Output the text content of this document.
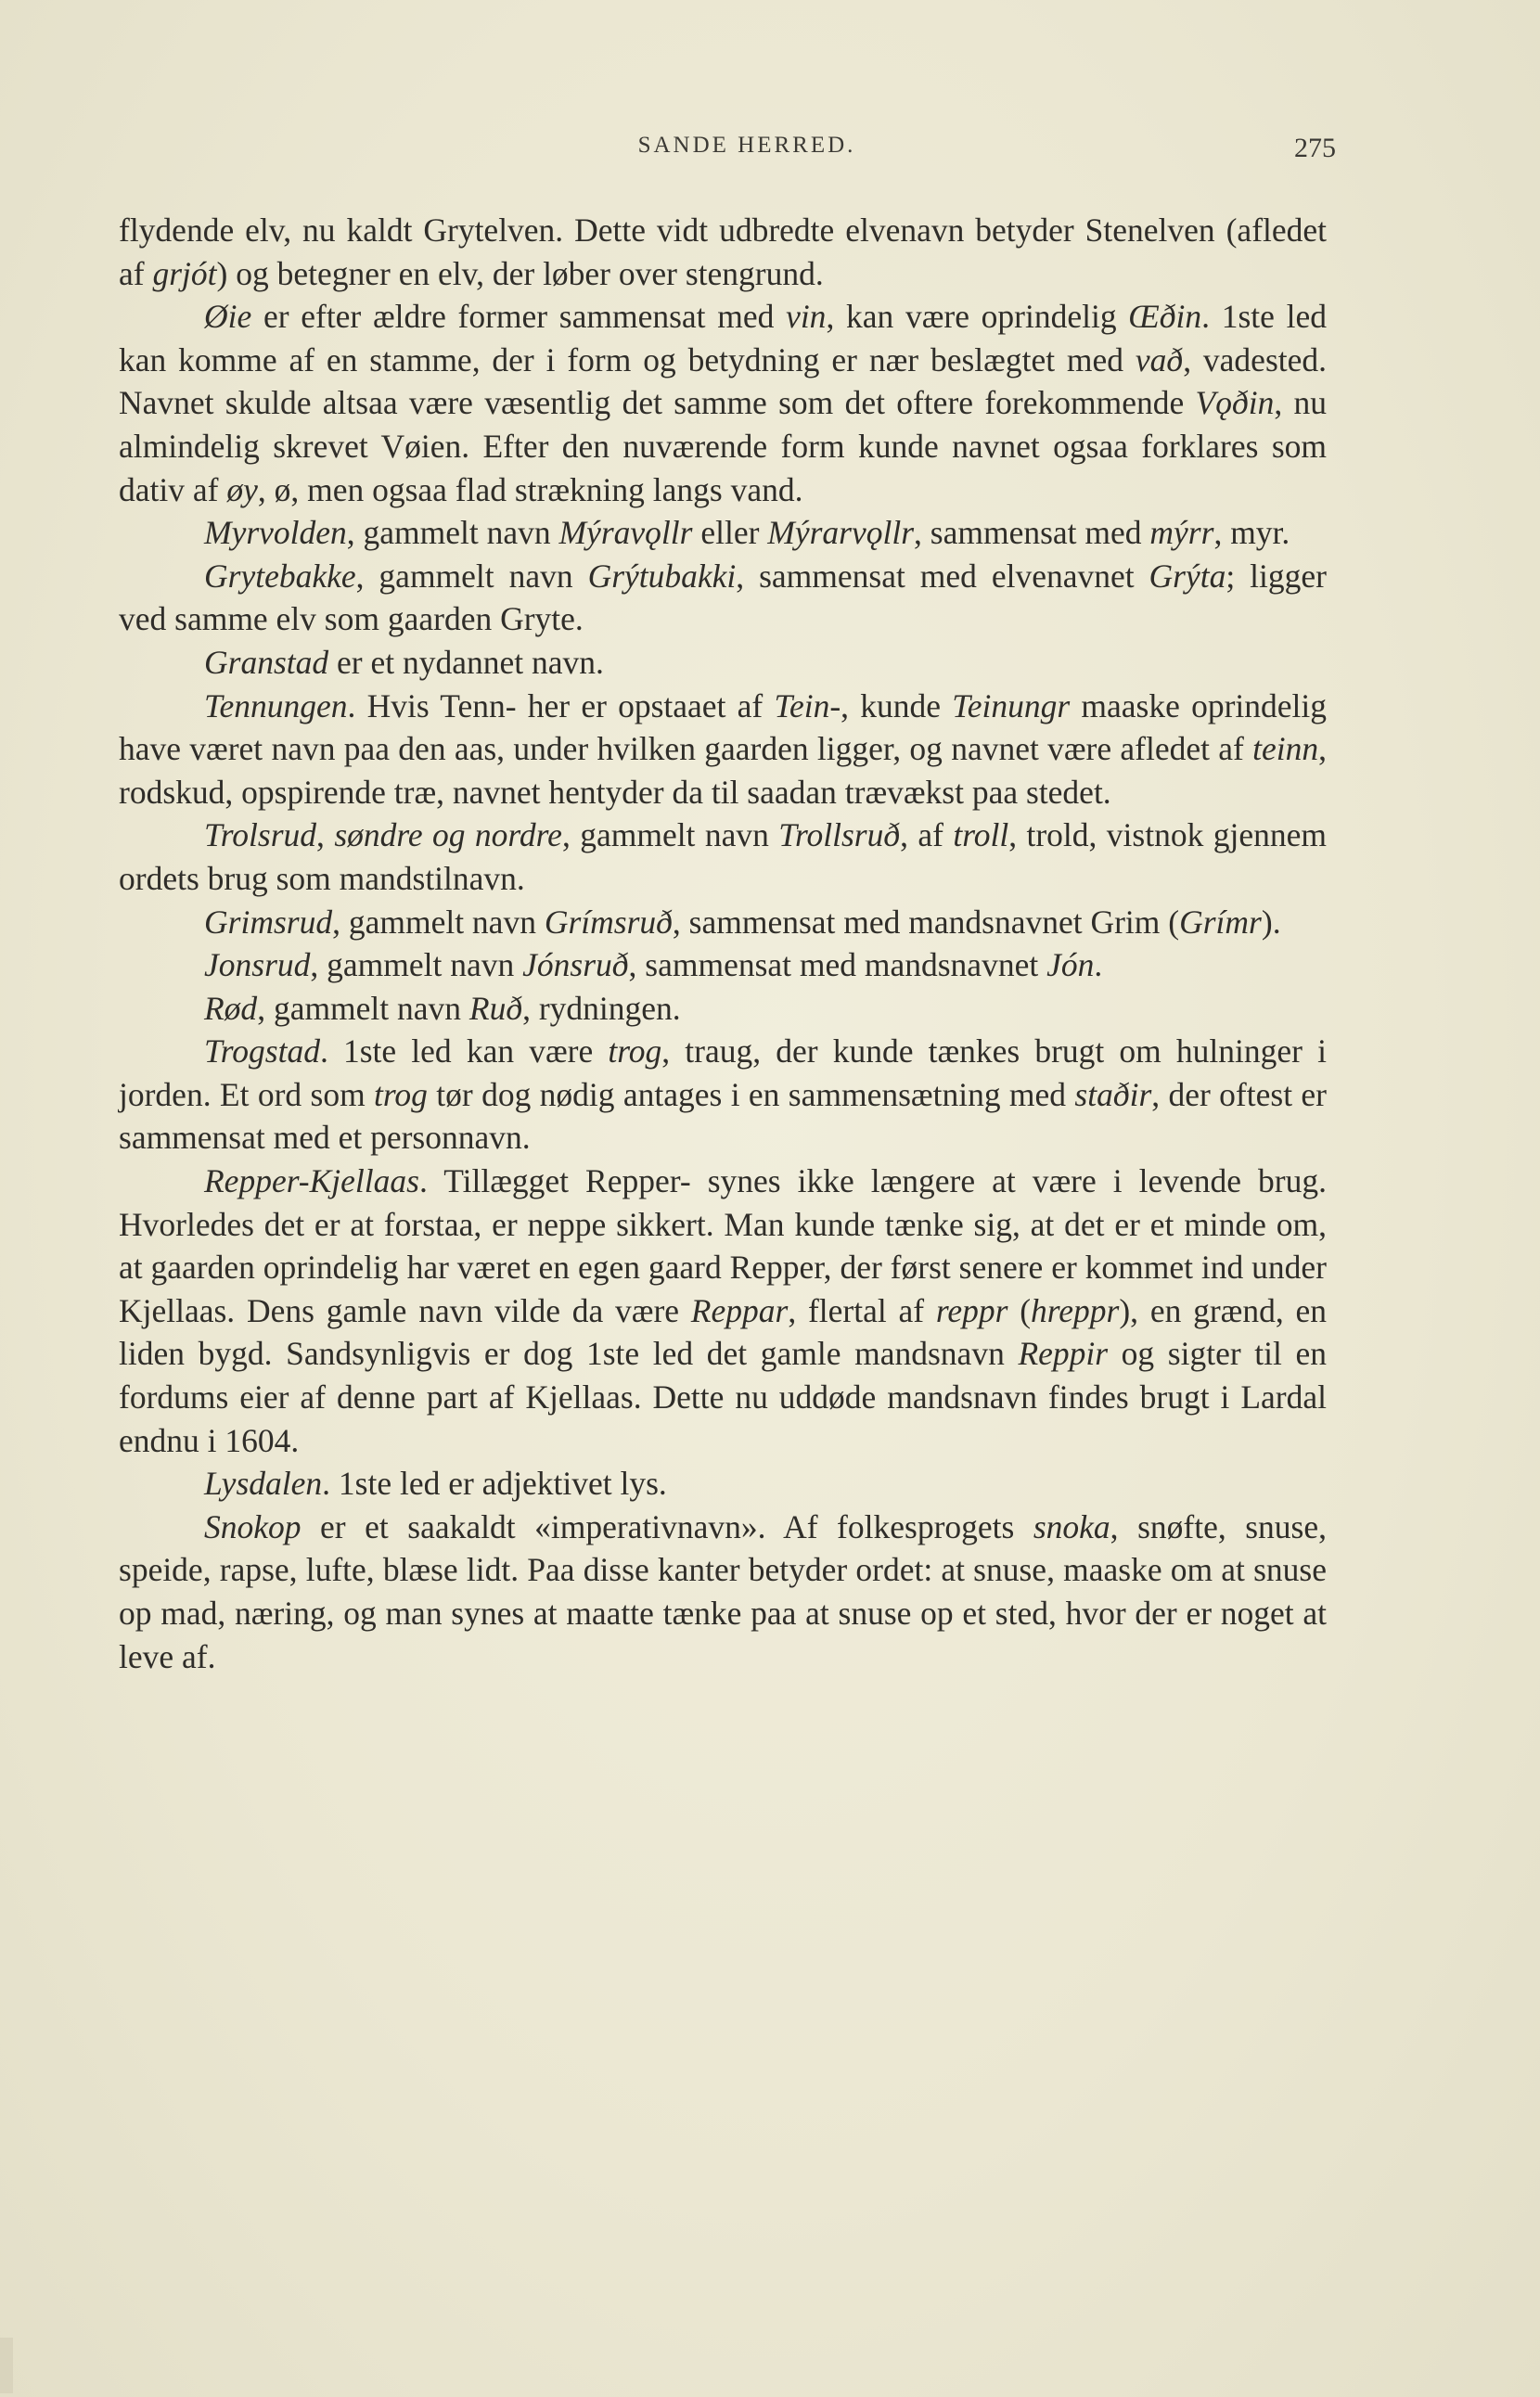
SANDE HERRED.	275

flydende elv, nu kaldt Grytelven. Dette vidt udbredte elvenavn betyder Stenelven (afledet af grjót) og betegner en elv, der løber over stengrund.

Øie er efter ældre former sammensat med vin, kan være oprindelig Œðin. 1ste led kan komme af en stamme, der i form og betydning er nær beslægtet med vað, vadested. Navnet skulde altsaa være væsentlig det samme som det oftere forekommende Vǫðin, nu almindelig skrevet Vøien. Efter den nuværende form kunde navnet ogsaa forklares som dativ af øy, ø, men ogsaa flad strækning langs vand.

Myrvolden, gammelt navn Mýravǫllr eller Mýrarvǫllr, sammensat med mýrr, myr.

Grytebakke, gammelt navn Grýtubakki, sammensat med elvenavnet Grýta; ligger ved samme elv som gaarden Gryte.

Granstad er et nydannet navn.

Tennungen. Hvis Tenn- her er opstaaet af Tein-, kunde Teinungr maaske oprindelig have været navn paa den aas, under hvilken gaarden ligger, og navnet være afledet af teinn, rodskud, opspirende træ, navnet hentyder da til saadan trævækst paa stedet.

Trolsrud, søndre og nordre, gammelt navn Trollsruð, af troll, trold, vistnok gjennem ordets brug som mandstilnavn.

Grimsrud, gammelt navn Grímsruð, sammensat med mandsnavnet Grim (Grímr).

Jonsrud, gammelt navn Jónsruð, sammensat med mandsnavnet Jón.

Rød, gammelt navn Ruð, rydningen.

Trogstad. 1ste led kan være trog, traug, der kunde tænkes brugt om hulninger i jorden. Et ord som trog tør dog nødig antages i en sammensætning med staðir, der oftest er sammensat med et personnavn.

Repper-Kjellaas. Tillægget Repper- synes ikke længere at være i levende brug. Hvorledes det er at forstaa, er neppe sikkert. Man kunde tænke sig, at det er et minde om, at gaarden oprindelig har været en egen gaard Repper, der først senere er kommet ind under Kjellaas. Dens gamle navn vilde da være Reppar, flertal af reppr (hreppr), en grænd, en liden bygd. Sandsynligvis er dog 1ste led det gamle mandsnavn Reppir og sigter til en fordums eier af denne part af Kjellaas. Dette nu uddøde mandsnavn findes brugt i Lardal endnu i 1604.

Lysdalen. 1ste led er adjektivet lys.

Snokop er et saakaldt «imperativnavn». Af folkesprogets snoka, snøfte, snuse, speide, rapse, lufte, blæse lidt. Paa disse kanter betyder ordet: at snuse, maaske om at snuse op mad, næring, og man synes at maatte tænke paa at snuse op et sted, hvor der er noget at leve af.
